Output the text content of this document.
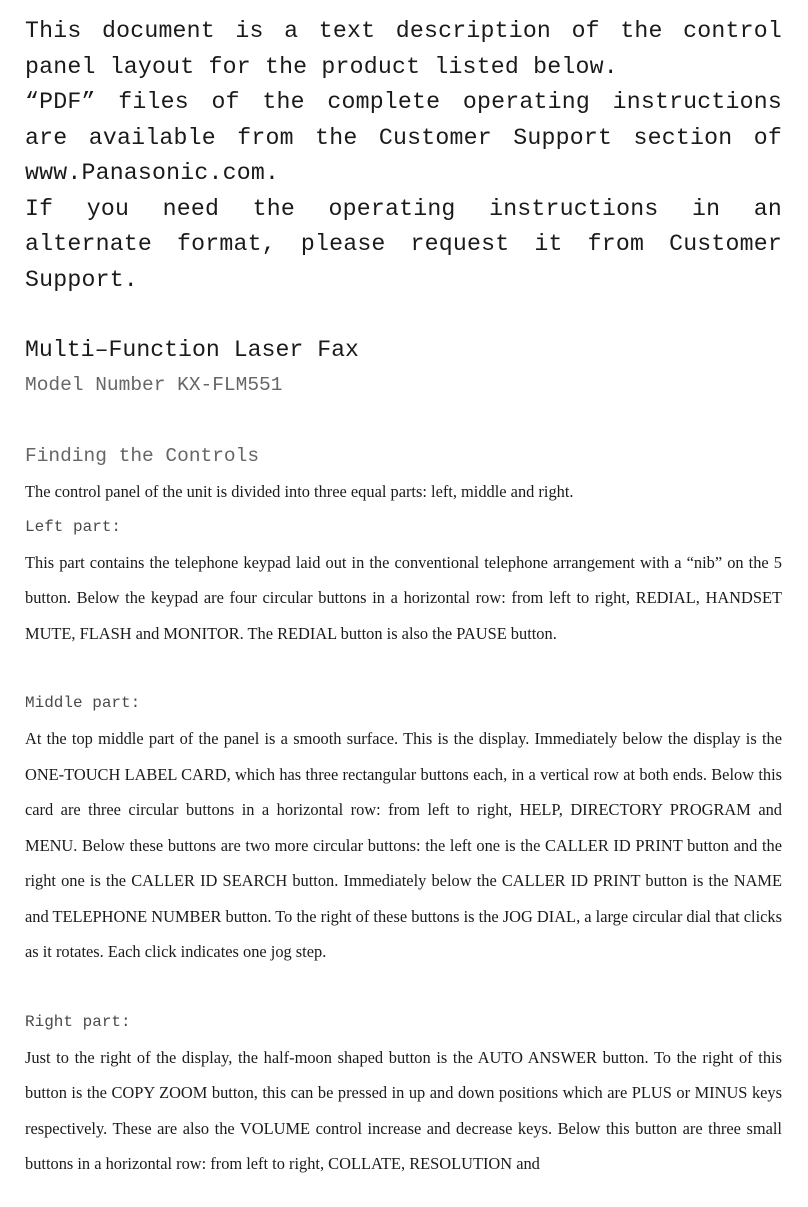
This document is a text description of the control panel layout for the product listed below.

“PDF” files of the complete operating instructions are available from the Customer Support section of www.Panasonic.com.

If you need the operating instructions in an alternate format, please request it from Customer Support.

Multi–Function Laser Fax
Model Number KX-FLM551
Finding the Controls

The control panel of the unit is divided into three equal parts: left, middle and right.

Left part:

This part contains the telephone keypad laid out in the conventional telephone arrangement with a “nib” on the 5 button. Below the keypad are four circular buttons in a horizontal row: from left to right, REDIAL, HANDSET MUTE, FLASH and MONITOR. The REDIAL button is also the PAUSE button.

Middle part:

At the top middle part of the panel is a smooth surface. This is the display. Immediately below the display is the ONE-TOUCH LABEL CARD, which has three rectangular buttons each, in a vertical row at both ends. Below this card are three circular buttons in a horizontal row: from left to right, HELP, DIRECTORY PROGRAM and MENU. Below these buttons are two more circular buttons: the left one is the CALLER ID PRINT button and the right one is the CALLER ID SEARCH button. Immediately below the CALLER ID PRINT button is the NAME and TELEPHONE NUMBER button. To the right of these buttons is the JOG DIAL, a large circular dial that clicks as it rotates. Each click indicates one jog step.

Right part:

Just to the right of the display, the half-moon shaped button is the AUTO ANSWER button. To the right of this button is the COPY ZOOM button, this can be pressed in up and down positions which are PLUS or MINUS keys respectively. These are also the VOLUME control increase and decrease keys. Below this button are three small buttons in a horizontal row: from left to right, COLLATE, RESOLUTION and
